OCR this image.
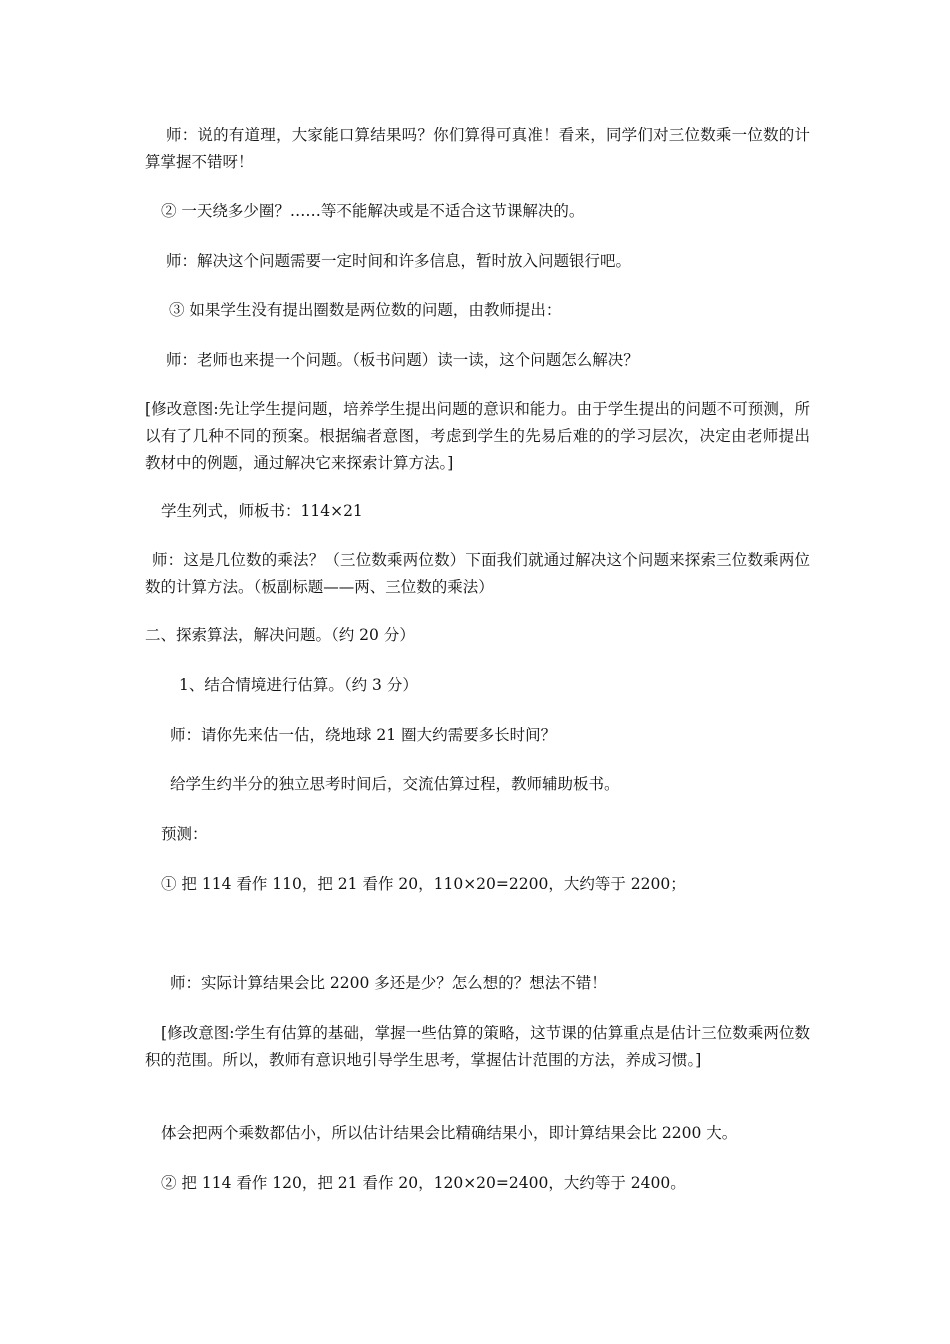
师：说的有道理，大家能口算结果吗？你们算得可真准！看来，同学们对三位数乘一位数的计算掌握不错呀！
② 一天绕多少圈？……等不能解决或是不适合这节课解决的。
师：解决这个问题需要一定时间和许多信息，暂时放入问题银行吧。
③ 如果学生没有提出圈数是两位数的问题，由教师提出：
师：老师也来提一个问题。（板书问题）读一读，这个问题怎么解决？
[修改意图:先让学生提问题，培养学生提出问题的意识和能力。由于学生提出的问题不可预测，所以有了几种不同的预案。根据编者意图，考虑到学生的先易后难的的学习层次，决定由老师提出教材中的例题，通过解决它来探索计算方法。]
学生列式，师板书：114×21
师：这是几位数的乘法？（三位数乘两位数）下面我们就通过解决这个问题来探索三位数乘两位数的计算方法。（板副标题——两、三位数的乘法）
二、探索算法，解决问题。（约 20 分）
1、结合情境进行估算。（约 3 分）
师：请你先来估一估，绕地球 21 圈大约需要多长时间？
给学生约半分的独立思考时间后，交流估算过程，教师辅助板书。
预测：
① 把 114 看作 110，把 21 看作 20，110×20=2200，大约等于 2200；
师：实际计算结果会比 2200 多还是少？怎么想的？想法不错！
[修改意图:学生有估算的基础，掌握一些估算的策略，这节课的估算重点是估计三位数乘两位数积的范围。所以，教师有意识地引导学生思考，掌握估计范围的方法，养成习惯。]
体会把两个乘数都估小，所以估计结果会比精确结果小，即计算结果会比 2200 大。
② 把 114 看作 120，把 21 看作 20，120×20=2400，大约等于 2400。
